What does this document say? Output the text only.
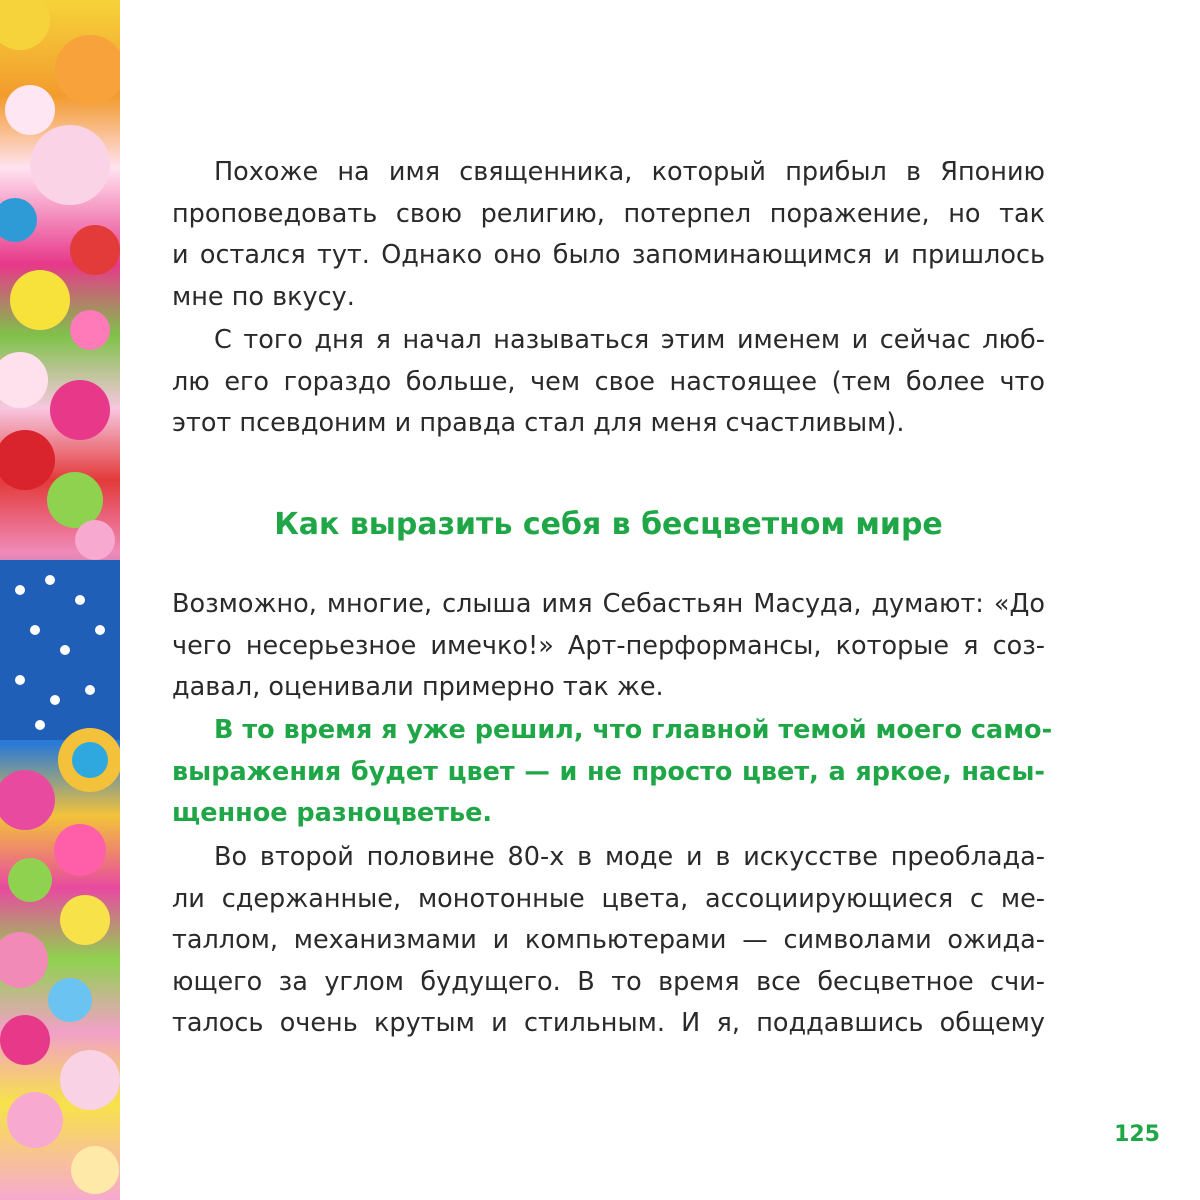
Похоже на имя священника, который прибыл в Японию
проповедовать свою религию, потерпел поражение, но так
и остался тут. Однако оно было запоминающимся и пришлось
мне по вкусу.
С того дня я начал называться этим именем и сейчас люб-
лю его гораздо больше, чем свое настоящее (тем более что
этот псевдоним и правда стал для меня счастливым).
Как выразить себя в бесцветном мире
Возможно, многие, слыша имя Себастьян Масуда, думают: «До
чего несерьезное имечко!» Арт-перформансы, которые я соз-
давал, оценивали примерно так же.
В то время я уже решил, что главной темой моего само-
выражения будет цвет — и не просто цвет, а яркое, насы-
щенное разноцветье.
Во второй половине 80-х в моде и в искусстве преоблада-
ли сдержанные, монотонные цвета, ассоциирующиеся с ме-
таллом, механизмами и компьютерами — символами ожида-
ющего за углом будущего. В то время все бесцветное счи-
талось очень крутым и стильным. И я, поддавшись общему
125
